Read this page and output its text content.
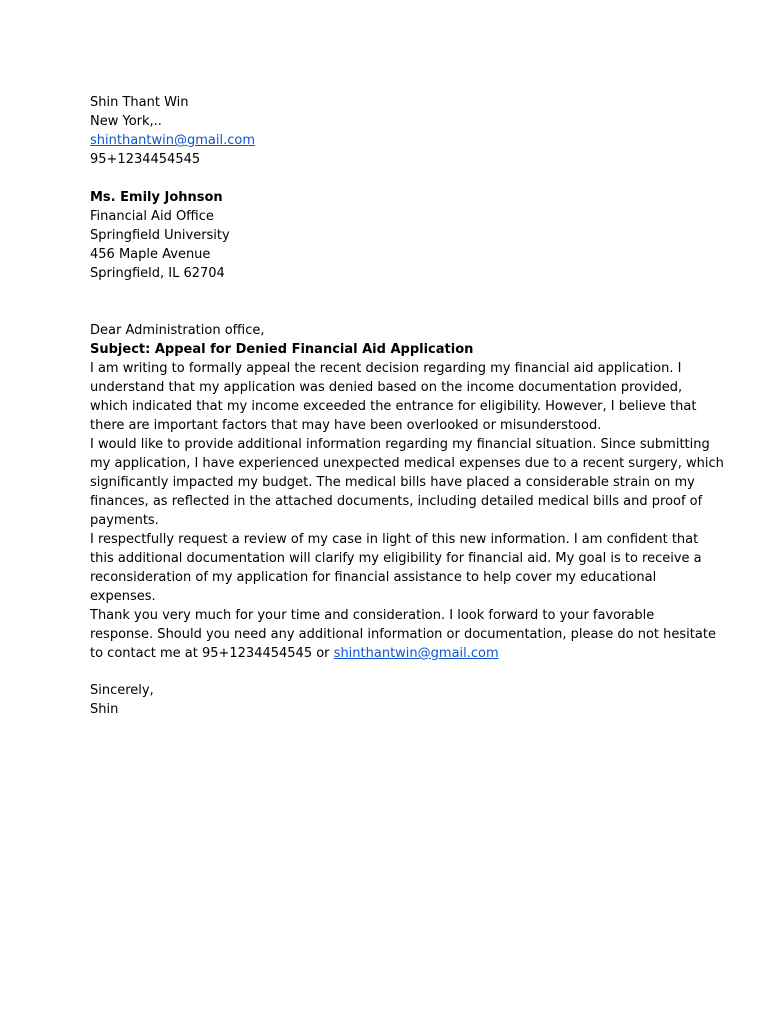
Shin Thant Win
New York,..
shinthantwin@gmail.com
95+1234454545
Ms. Emily Johnson
Financial Aid Office
Springfield University
456 Maple Avenue
Springfield, IL 62704
Dear Administration office,
Subject: Appeal for Denied Financial Aid Application
I am writing to formally appeal the recent decision regarding my financial aid application. I
understand that my application was denied based on the income documentation provided,
which indicated that my income exceeded the entrance for eligibility. However, I believe that
there are important factors that may have been overlooked or misunderstood.
I would like to provide additional information regarding my financial situation. Since submitting
my application, I have experienced unexpected medical expenses due to a recent surgery, which
significantly impacted my budget. The medical bills have placed a considerable strain on my
finances, as reflected in the attached documents, including detailed medical bills and proof of
payments.
I respectfully request a review of my case in light of this new information. I am confident that
this additional documentation will clarify my eligibility for financial aid. My goal is to receive a
reconsideration of my application for financial assistance to help cover my educational
expenses.
Thank you very much for your time and consideration. I look forward to your favorable
response. Should you need any additional information or documentation, please do not hesitate
to contact me at 95+1234454545 or shinthantwin@gmail.com
Sincerely,
Shin
